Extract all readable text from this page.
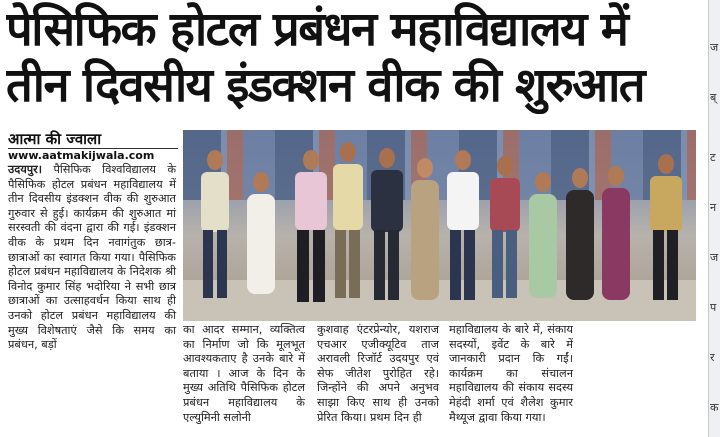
पेसिफिक होटल प्रबंधन महाविद्यालय में
तीन दिवसीय इंडक्शन वीक की शुरुआत
ज
ब्
ट
न
ज
प
र
क
आत्मा की ज्वाला
www.aatmakijwala.com
उदयपुर। पैसिफिक विश्वविद्यालय के पैसिफिक होटल प्रबंधन महाविद्यालय में तीन दिवसीय इंडक्शन वीक की शुरुआत गुरुवार से हुई। कार्यक्रम की शुरुआत मां सरस्वती की वंदना द्वारा की गई। इंडक्शन वीक के प्रथम दिन नवागंतुक छात्र-छात्राओं का स्वागत किया गया। पैसिफिक होटल प्रबंधन महाविद्यालय के निदेशक श्री विनोद कुमार सिंह भदोरिया ने सभी छात्र छात्राओं का उत्साहवर्धन किया साथ ही उनको होटल प्रबंधन महाविद्यालय की मुख्य विशेषताएं जैसे कि समय का प्रबंधन, बड़ों
का आदर सम्मान, व्यक्तित्व का निर्माण जो कि मूलभूत आवश्यकताए है उनके बारे में बताया । आज के दिन के मुख्य अतिथि पैसिफिक होटल प्रबंधन महाविद्यालय के एल्युमिनी सलोनी
कुशवाह एंटरप्रेन्योर, यशराज एचआर एजीक्यूटिव ताज अरावली रिजॉर्ट उदयपुर एवं सेफ जीतेश पुरोहित रहे। जिन्होंने की अपने अनुभव साझा किए साथ ही उनको प्रेरित किया। प्रथम दिन ही
महाविद्यालय के बारे में, संकाय सदस्यों, इवेंट के बारे में जानकारी प्रदान कि गईं। कार्यक्रम का संचालन महाविद्यालय की संकाय सदस्य मेहंदी शर्मा एवं शैलेश कुमार मैथ्यूज द्वावा किया गया।
